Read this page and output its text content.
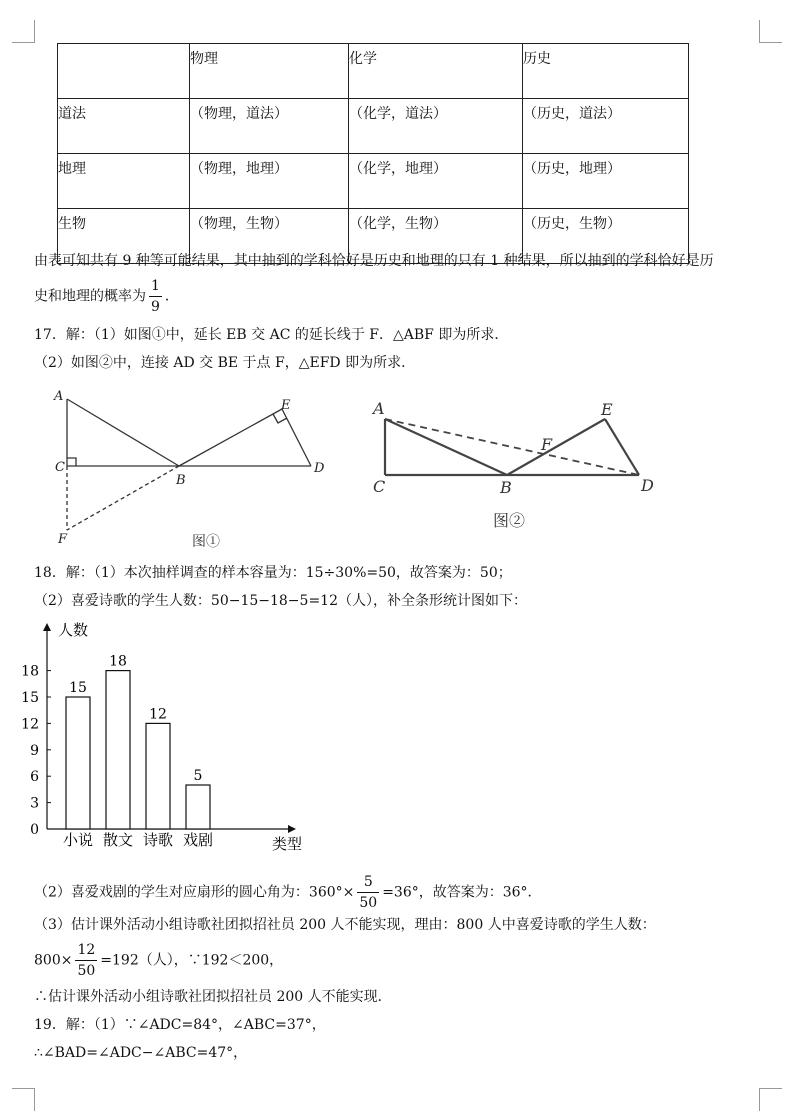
	物理	化学	历史
道法	（物理，道法）	（化学，道法）	（历史，道法）
地理	（物理，地理）	（化学，地理）	（历史，地理）
生物	（物理，生物）	（化学，生物）	（历史，生物）
由表可知共有 9 种等可能结果，其中抽到的学科恰好是历史和地理的只有 1 种结果，所以抽到的学科恰好是历
史和地理的概率为 $\frac{1}{9}$ ．
17．解：（1）如图①中，延长 EB 交 AC 的延长线于 F．△ABF 即为所求．
（2）如图②中，连接 AD 交 BE 于点 F，△EFD 即为所求．
A
C
B
D
E
F	图①
A
C	B	D
E
F
图②
18．解：（1）本次抽样调查的样本容量为：15÷30%=50，故答案为：50；
（2）喜爱诗歌的学生人数：50−15−18−5=12（人），补全条形统计图如下：
人数
类型
0
3
6
9
12
15
18
15
小说
18
散文
12
诗歌
5
戏剧
（2）喜爱戏剧的学生对应扇形的圆心角为：$360^\circ\times \frac{5}{50} =36^\circ$，故答案为：36°．
（3）估计课外活动小组诗歌社团拟招社员 200 人不能实现，理由：800 人中喜爱诗歌的学生人数：
$800\times \frac{12}{50} =192$（人），∵192＜200，
∴估计课外活动小组诗歌社团拟招社员 200 人不能实现．
19．解：（1）∵∠ADC=84°，∠ABC=37°，
∴∠BAD=∠ADC−∠ABC=47°，
